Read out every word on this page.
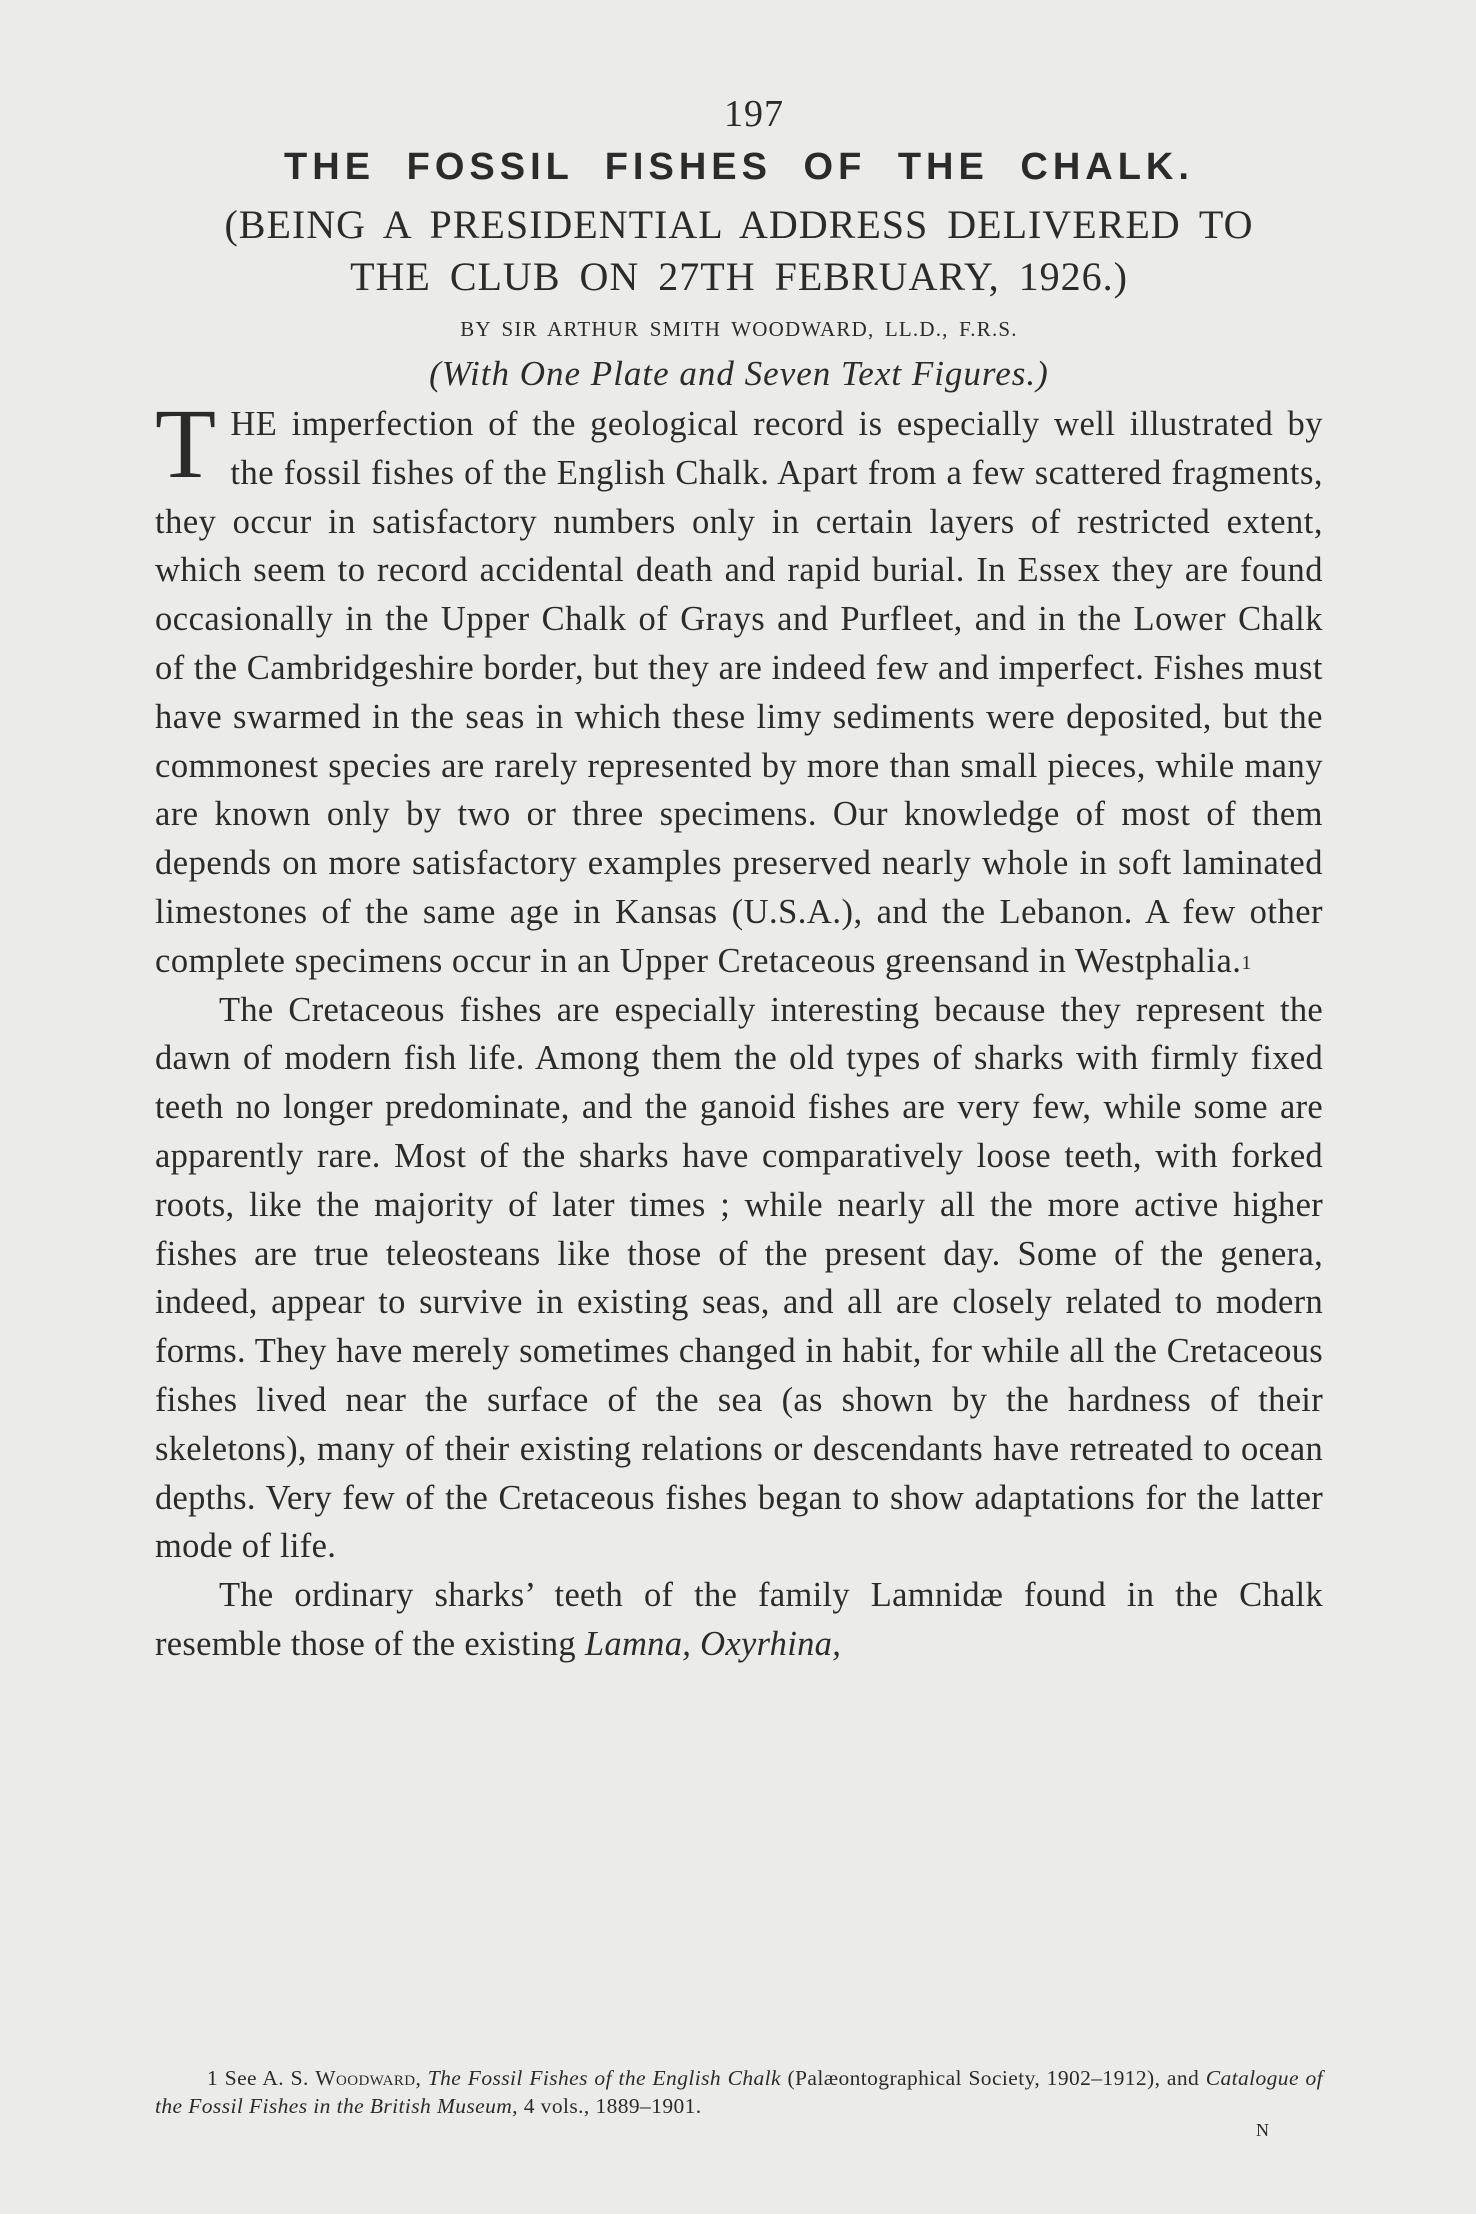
197
THE FOSSIL FISHES OF THE CHALK.
(BEING A PRESIDENTIAL ADDRESS DELIVERED TO
THE CLUB ON 27TH FEBRUARY, 1926.)
BY SIR ARTHUR SMITH WOODWARD, LL.D., F.R.S.
(With One Plate and Seven Text Figures.)

THE imperfection of the geological record is especially well illustrated by the fossil fishes of the English Chalk. Apart from a few scattered fragments, they occur in satisfactory numbers only in certain layers of restricted extent, which seem to record accidental death and rapid burial. In Essex they are found occasionally in the Upper Chalk of Grays and Purfleet, and in the Lower Chalk of the Cambridgeshire border, but they are indeed few and imperfect. Fishes must have swarmed in the seas in which these limy sediments were deposited, but the commonest species are rarely represented by more than small pieces, while many are known only by two or three specimens. Our knowledge of most of them depends on more satisfactory examples preserved nearly whole in soft laminated limestones of the same age in Kansas (U.S.A.), and the Lebanon. A few other complete specimens occur in an Upper Cretaceous greensand in Westphalia.$^1$

The Cretaceous fishes are especially interesting because they represent the dawn of modern fish life. Among them the old types of sharks with firmly fixed teeth no longer predominate, and the ganoid fishes are very few, while some are apparently rare. Most of the sharks have comparatively loose teeth, with forked roots, like the majority of later times ; while nearly all the more active higher fishes are true teleosteans like those of the present day. Some of the genera, indeed, appear to survive in existing seas, and all are closely related to modern forms. They have merely sometimes changed in habit, for while all the Cretaceous fishes lived near the surface of the sea (as shown by the hardness of their skeletons), many of their existing relations or descendants have retreated to ocean depths. Very few of the Cretaceous fishes began to show adaptations for the latter mode of life.

The ordinary sharks’ teeth of the family Lamnidæ found in the Chalk resemble those of the existing Lamna, Oxyrhina,

1 See A. S. Woodward, The Fossil Fishes of the English Chalk (Palæontographical Society, 1902–1912), and Catalogue of the Fossil Fishes in the British Museum, 4 vols., 1889–1901.
N
